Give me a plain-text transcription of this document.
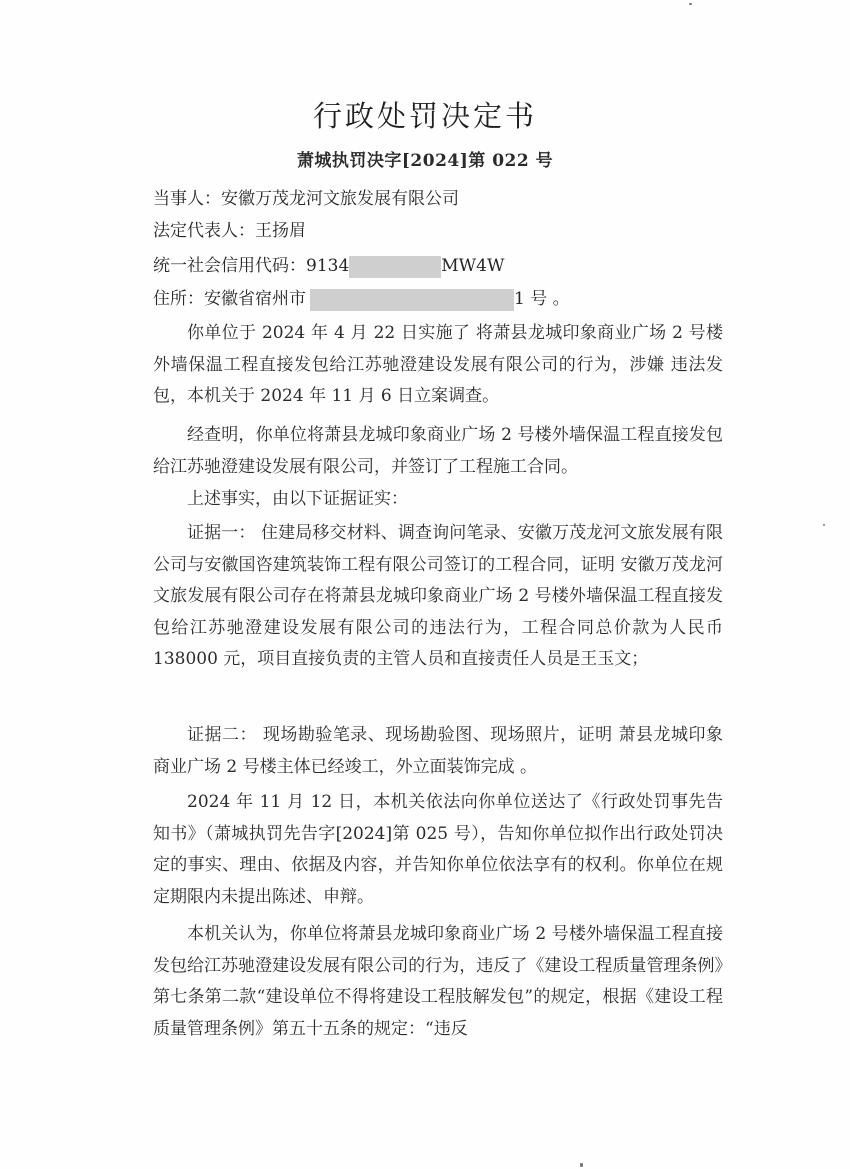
行政处罚决定书
萧城执罚决字[2024]第 022 号
当事人：安徽万茂龙河文旅发展有限公司
法定代表人：王扬眉
统一社会信用代码：9134	MW4W
住所：安徽省宿州市	1 号 。
你单位于 2024 年 4 月 22 日实施了 将萧县龙城印象商业广场 2 号楼外墙保温工程直接发包给江苏驰澄建设发展有限公司的行为，涉嫌 违法发包，本机关于 2024 年 11 月 6 日立案调查。
经查明，你单位将萧县龙城印象商业广场 2 号楼外墙保温工程直接发包给江苏驰澄建设发展有限公司，并签订了工程施工合同。
上述事实，由以下证据证实：
证据一： 住建局移交材料、调查询问笔录、安徽万茂龙河文旅发展有限公司与安徽国咨建筑装饰工程有限公司签订的工程合同，证明 安徽万茂龙河文旅发展有限公司存在将萧县龙城印象商业广场 2 号楼外墙保温工程直接发包给江苏驰澄建设发展有限公司的违法行为，工程合同总价款为人民币 138000 元，项目直接负责的主管人员和直接责任人员是王玉文；
证据二： 现场勘验笔录、现场勘验图、现场照片，证明 萧县龙城印象商业广场 2 号楼主体已经竣工，外立面装饰完成 。
2024 年 11 月 12 日，本机关依法向你单位送达了《行政处罚事先告知书》（萧城执罚先告字[2024]第 025 号），告知你单位拟作出行政处罚决定的事实、理由、依据及内容，并告知你单位依法享有的权利。你单位在规定期限内未提出陈述、申辩。
本机关认为，你单位将萧县龙城印象商业广场 2 号楼外墙保温工程直接发包给江苏驰澄建设发展有限公司的行为，违反了《建设工程质量管理条例》第七条第二款“建设单位不得将建设工程肢解发包”的规定，根据《建设工程质量管理条例》第五十五条的规定：“违反
